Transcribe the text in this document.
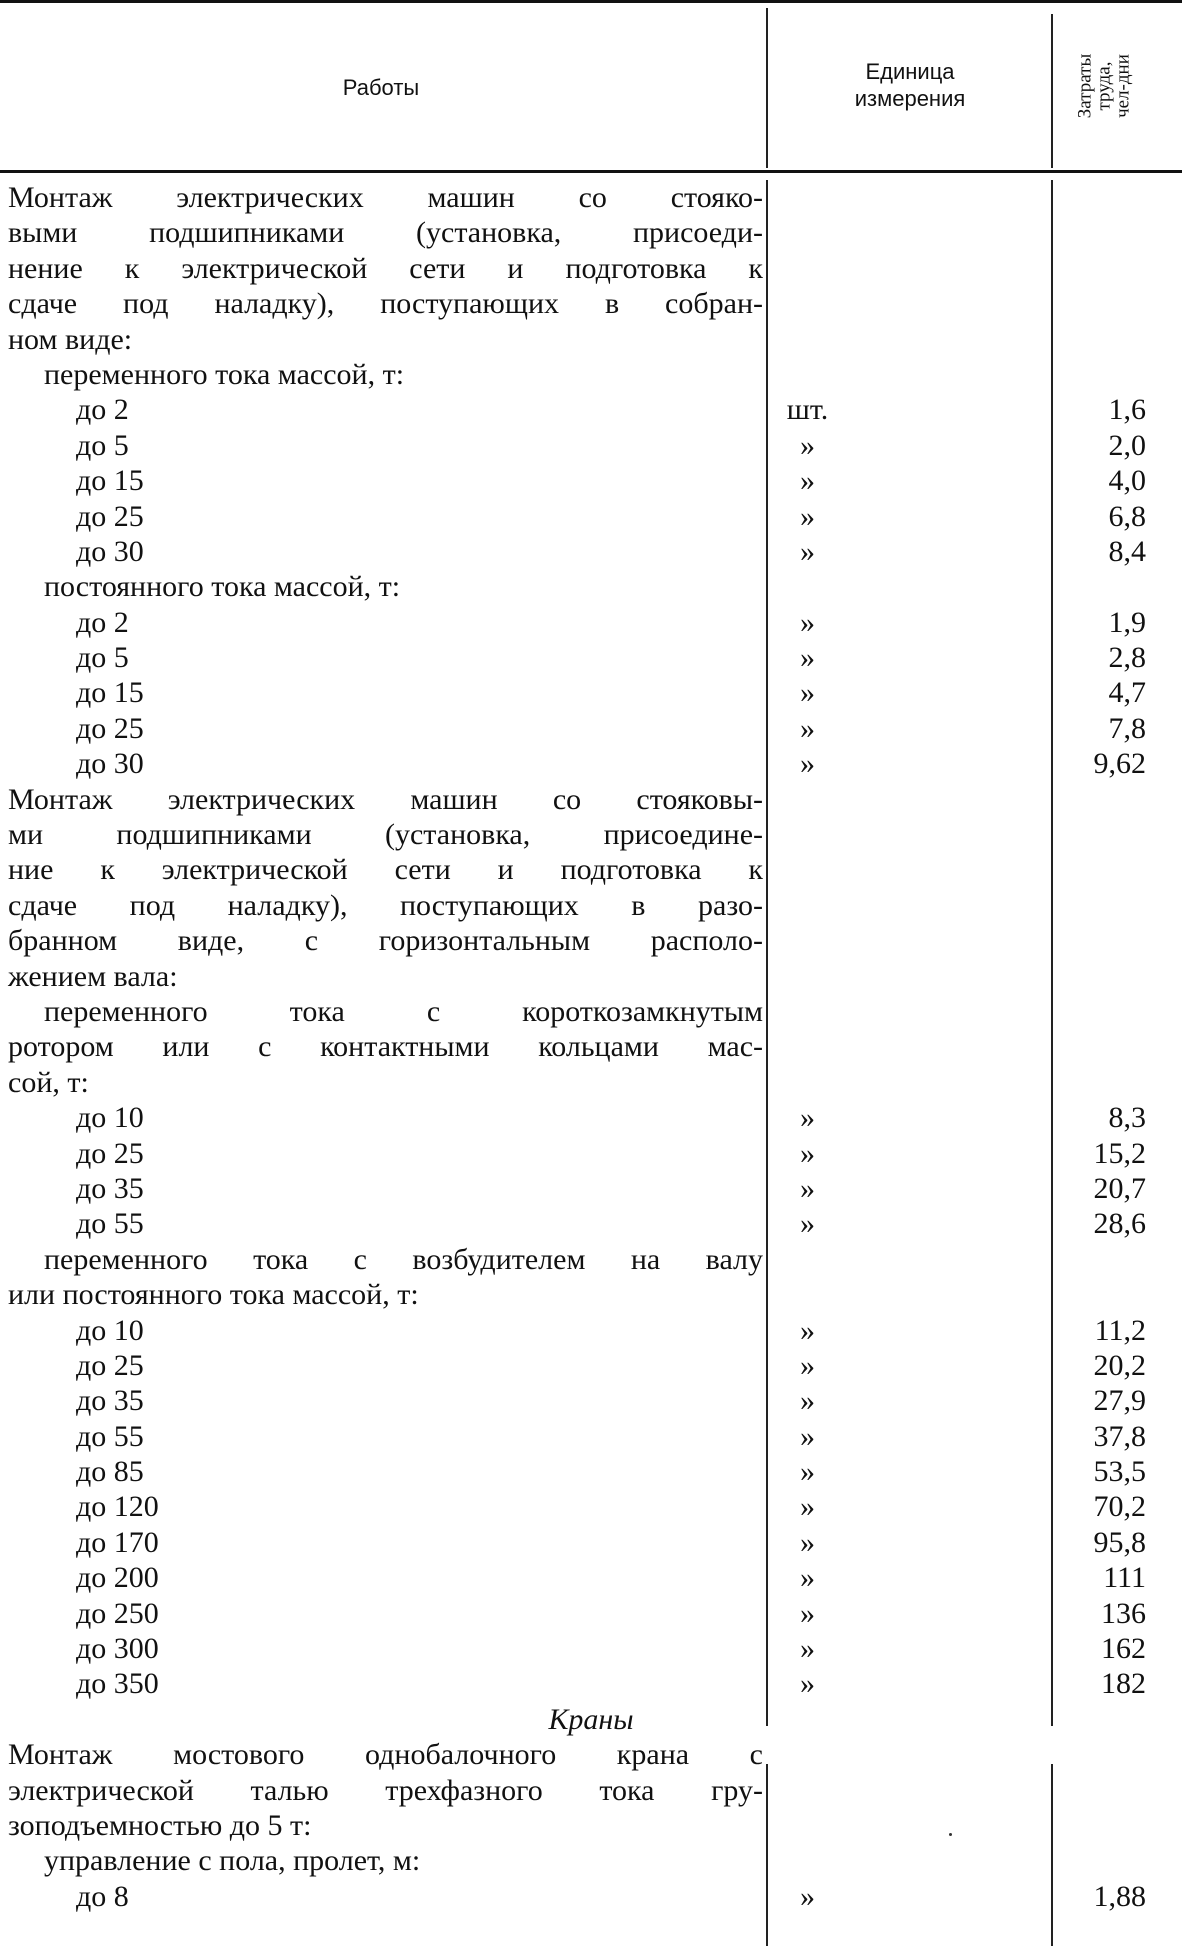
Работы
Единица
измерения	Затраты
труда,
чел-дни
Монтаж электрических машин со стояко-
выми подшипниками (установка, присоеди-
нение к электрической сети и подготовка к
сдаче под наладку), поступающих в собран-
ном виде:
переменного тока массой, т:
до 2	шт.	1,6
до 5	»	2,0
до 15	»	4,0
до 25	»	6,8
до 30	»	8,4
постоянного тока массой, т:
до 2	»	1,9
до 5	»	2,8
до 15	»	4,7
до 25	»	7,8
до 30	»	9,62
Монтаж электрических машин со стояковы-
ми подшипниками (установка, присоедине-
ние к электрической сети и подготовка к
сдаче под наладку), поступающих в разо-
бранном виде, с горизонтальным располо-
жением вала:
переменного тока с короткозамкнутым
ротором или с контактными кольцами мас-
сой, т:
до 10	»	8,3
до 25	»	15,2
до 35	»	20,7
до 55	»	28,6
переменного тока с возбудителем на валу
или постоянного тока массой, т:
до 10	»	11,2
до 25	»	20,2
до 35	»	27,9
до 55	»	37,8
до 85	»	53,5
до 120	»	70,2
до 170	»	95,8
до 200	»	111
до 250	»	136
до 300	»	162
до 350	»	182
Краны
Монтаж мостового однобалочного крана с
электрической талью трехфазного тока гру-
зоподъемностью до 5 т:
управление с пола, пролет, м:
до 8	»	1,88
